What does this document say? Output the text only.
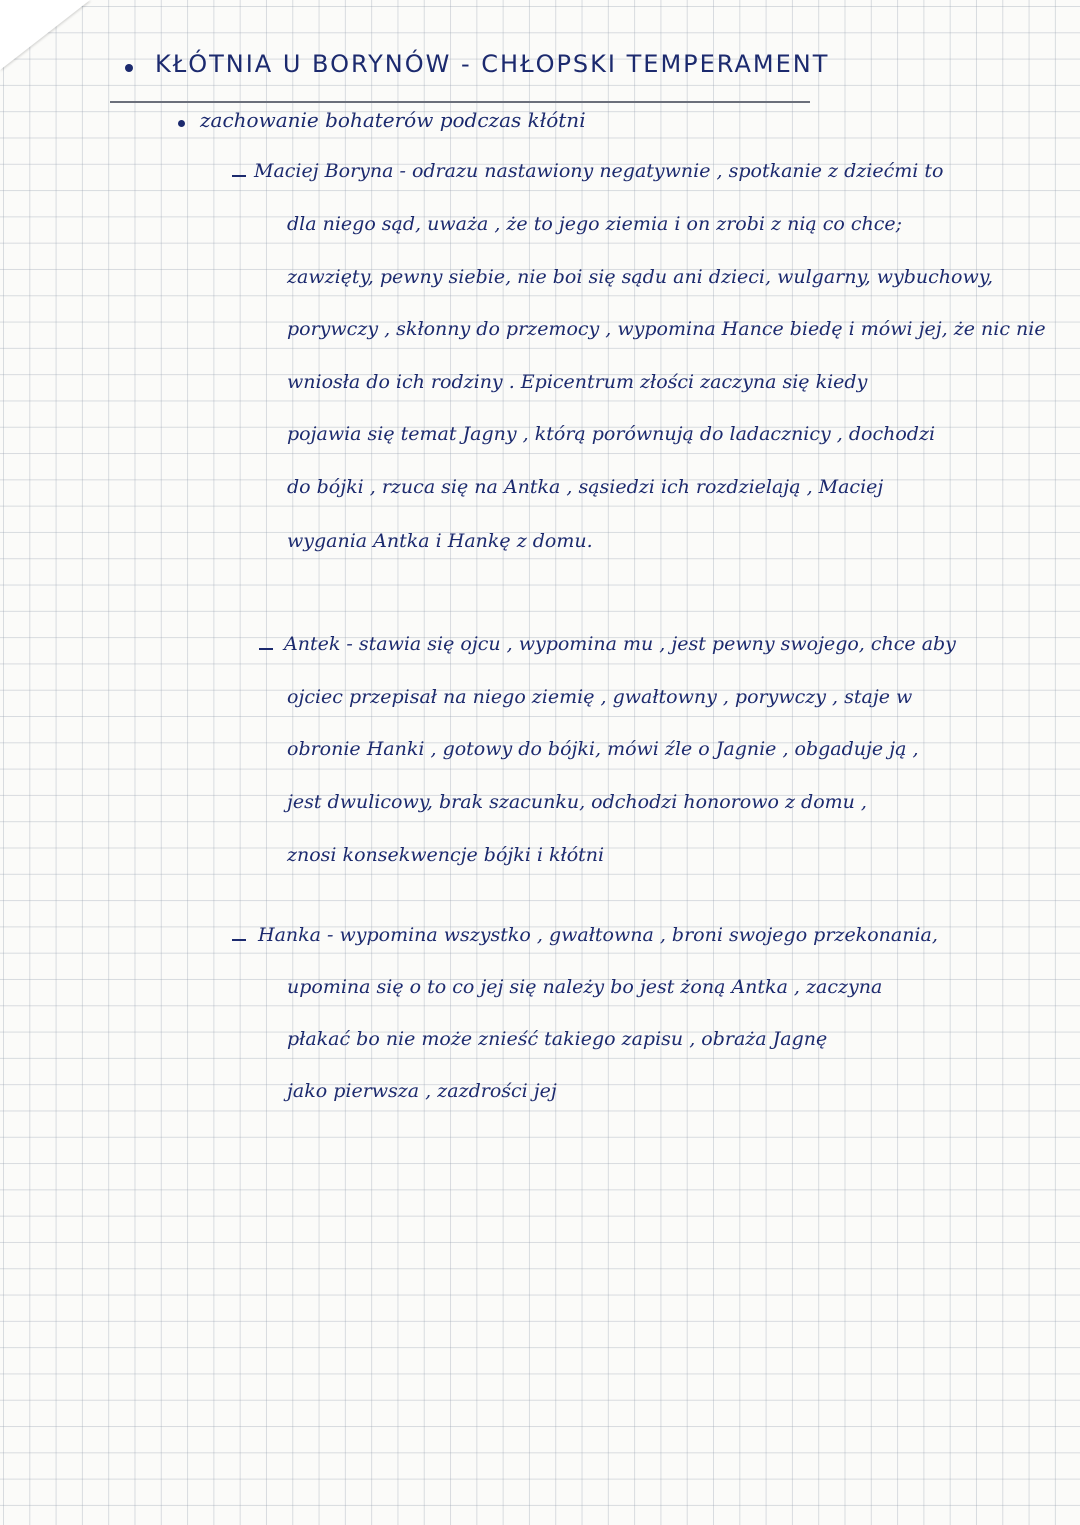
KŁÓTNIA U BORYNÓW - CHŁOPSKI TEMPERAMENT
zachowanie bohaterów podczas kłótni
Maciej Boryna - odrazu nastawiony negatywnie , spotkanie z dziećmi to
dla niego sąd, uważa , że to jego ziemia i on zrobi z nią co chce;
zawzięty, pewny siebie, nie boi się sądu ani dzieci, wulgarny, wybuchowy,
porywczy , skłonny do przemocy , wypomina Hance biedę i mówi jej, że nic nie
wniosła do ich rodziny . Epicentrum złości zaczyna się kiedy
pojawia się temat Jagny , którą porównują do ladacznicy , dochodzi
do bójki , rzuca się na Antka , sąsiedzi ich rozdzielają , Maciej
wygania Antka i Hankę z domu.
Antek - stawia się ojcu , wypomina mu , jest pewny swojego, chce aby
ojciec przepisał na niego ziemię , gwałtowny , porywczy , staje w
obronie Hanki , gotowy do bójki, mówi źle o Jagnie , obgaduje ją ,
jest dwulicowy, brak szacunku, odchodzi honorowo z domu ,
znosi konsekwencje bójki i kłótni
Hanka - wypomina wszystko , gwałtowna , broni swojego przekonania,
upomina się o to co jej się należy bo jest żoną Antka , zaczyna
płakać bo nie może znieść takiego zapisu , obraża Jagnę
jako pierwsza , zazdrości jej
